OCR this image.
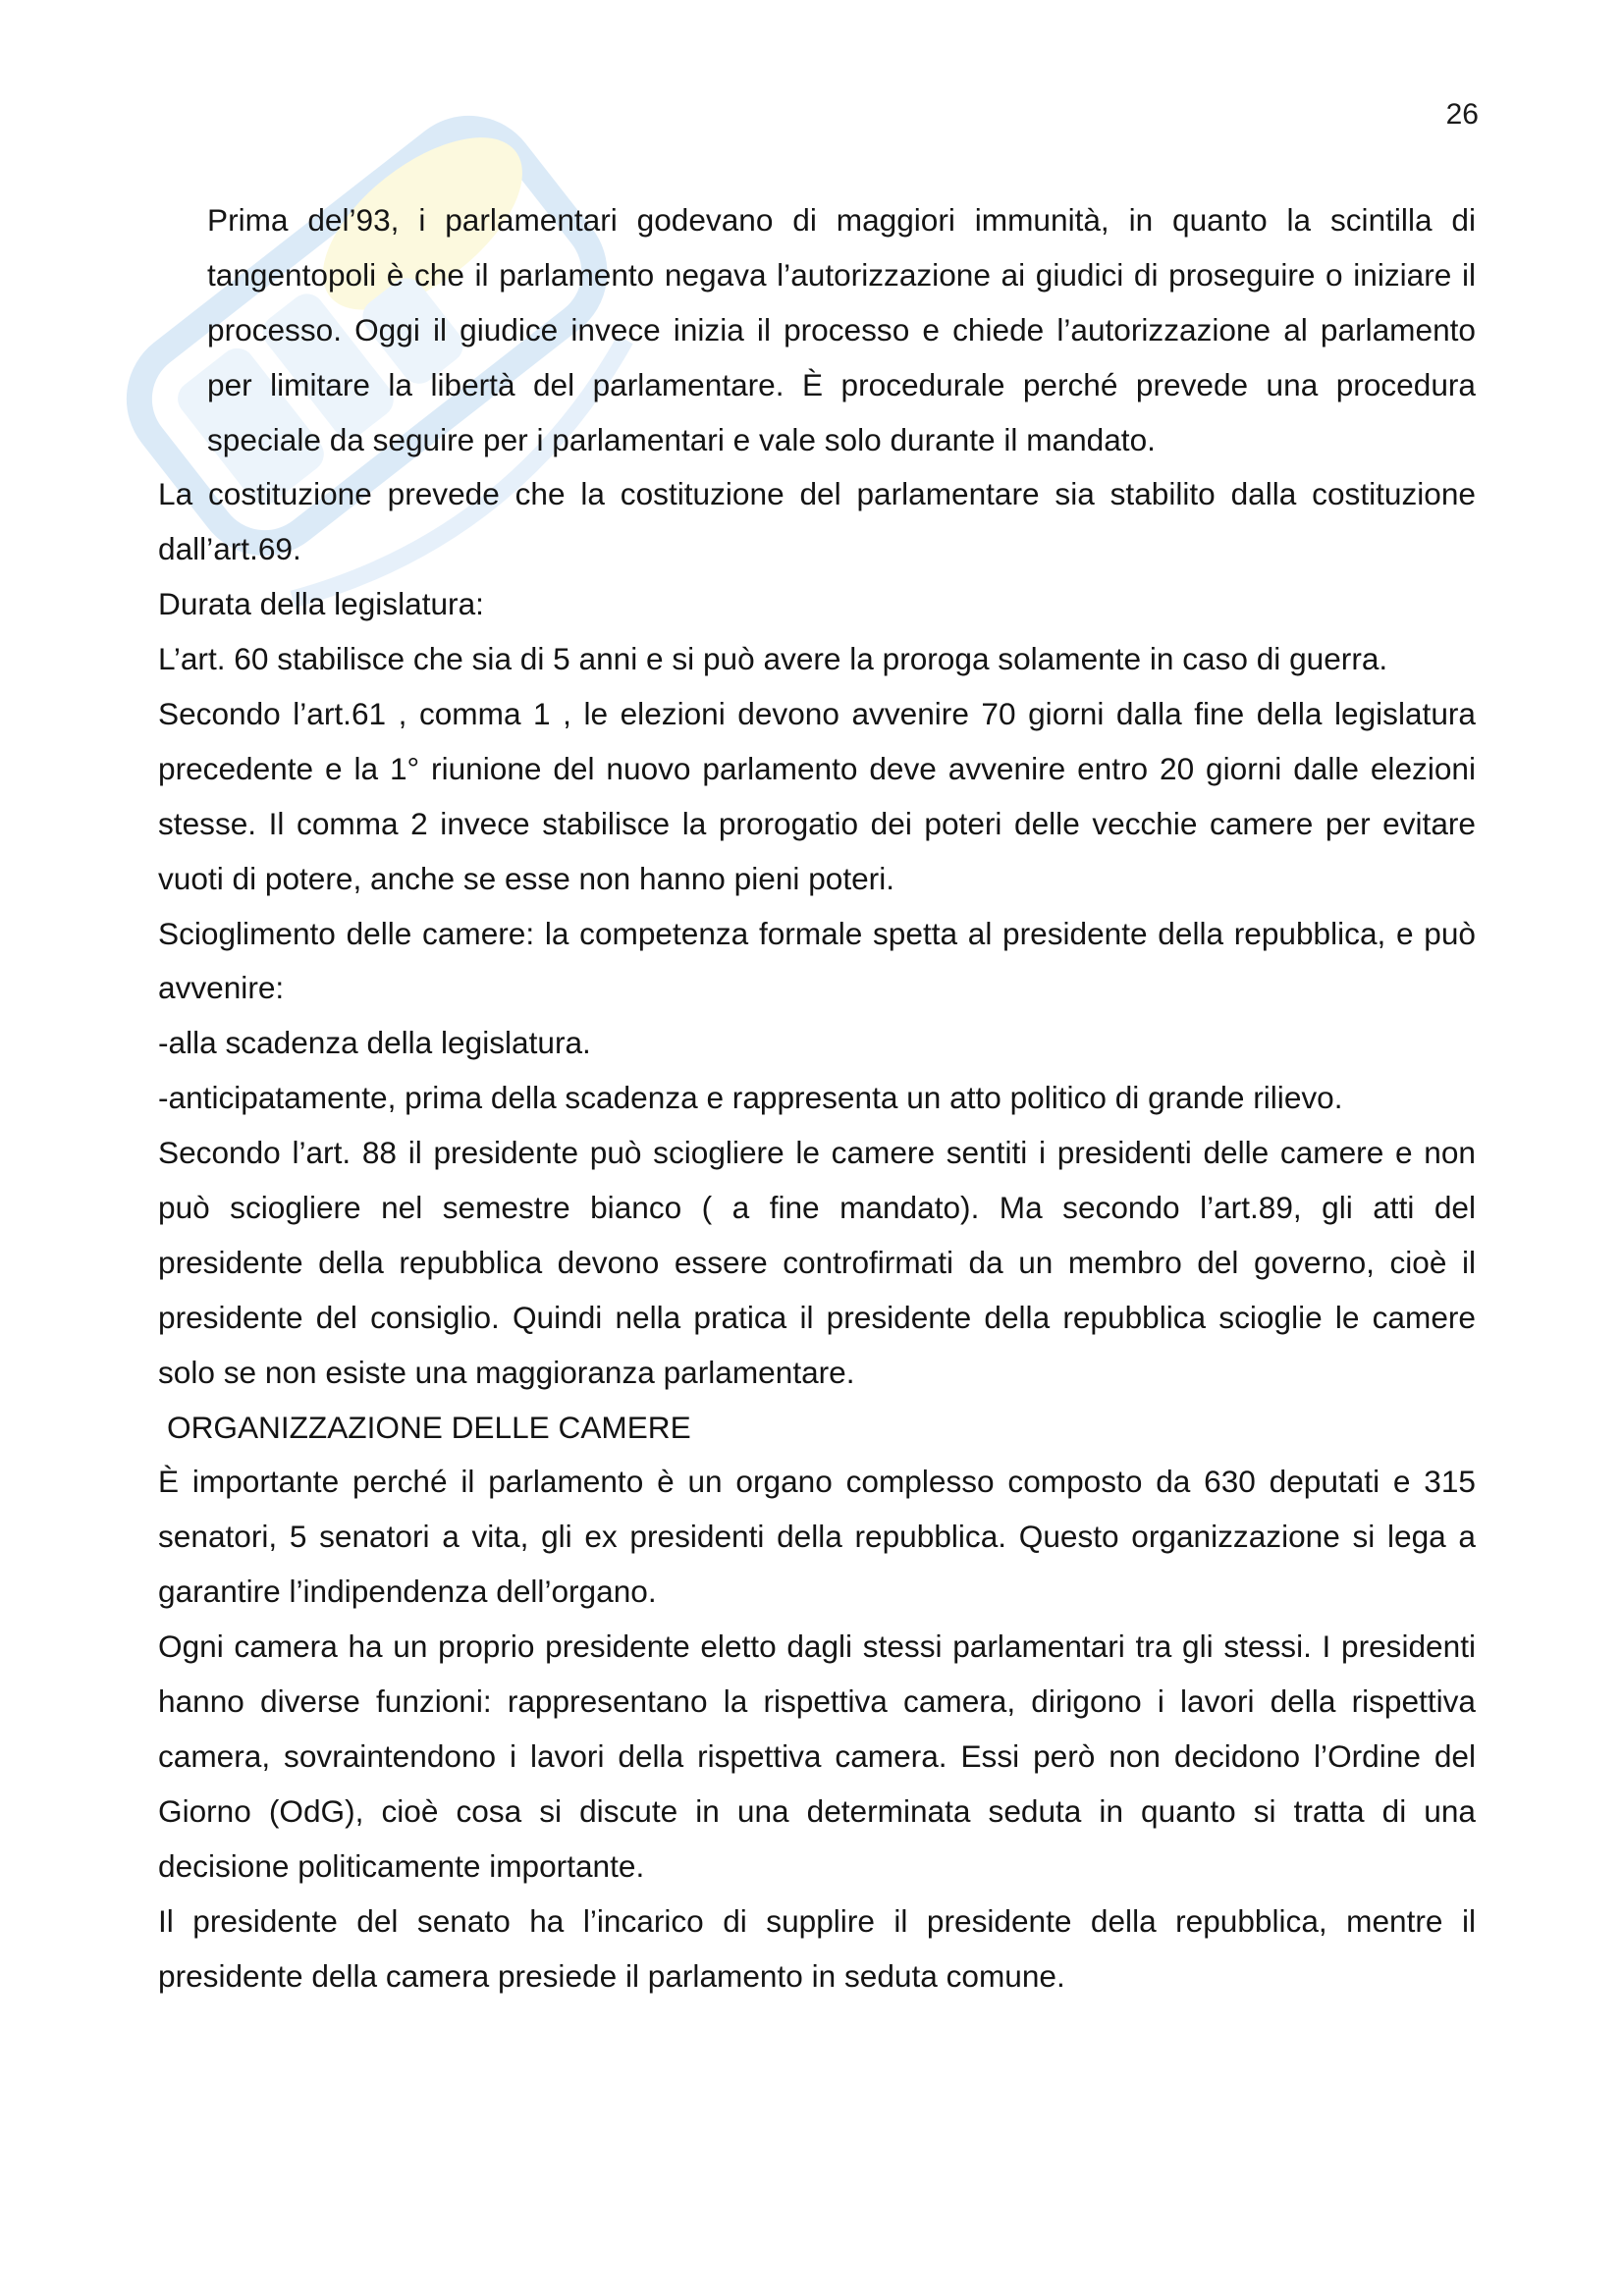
26
Prima del’93, i parlamentari godevano di maggiori immunità, in quanto la scintilla di
tangentopoli è che il parlamento negava l’autorizzazione ai giudici di proseguire o iniziare il
processo. Oggi il giudice invece inizia il processo e chiede l’autorizzazione al parlamento
per limitare la libertà del parlamentare. È procedurale perché prevede una procedura
speciale da seguire per i parlamentari e vale solo durante il mandato.
La costituzione prevede che la costituzione del parlamentare sia stabilito dalla costituzione
dall’art.69.
Durata della legislatura:
L’art. 60 stabilisce che sia di 5 anni e si può avere la proroga solamente in caso di guerra.
Secondo l’art.61 , comma 1 , le elezioni devono avvenire 70 giorni dalla fine della legislatura
precedente e la 1° riunione del nuovo parlamento deve avvenire entro 20 giorni dalle elezioni
stesse. Il comma 2 invece stabilisce la prorogatio dei poteri delle vecchie camere per evitare
vuoti di potere, anche se esse non hanno pieni poteri.
Scioglimento delle camere: la competenza formale spetta al presidente della repubblica, e può
avvenire:
-alla scadenza della legislatura.
-anticipatamente, prima della scadenza e rappresenta un atto politico di grande rilievo.
Secondo l’art. 88 il presidente può sciogliere le camere sentiti i presidenti delle camere e non
può sciogliere nel semestre bianco ( a fine mandato). Ma secondo l’art.89, gli atti del
presidente della repubblica devono essere controfirmati da un membro del governo, cioè il
presidente del consiglio. Quindi nella pratica il presidente della repubblica scioglie le camere
solo se non esiste una maggioranza parlamentare.
ORGANIZZAZIONE DELLE CAMERE
È importante perché il parlamento è un organo complesso composto da 630 deputati e 315
senatori, 5 senatori a vita, gli ex presidenti della repubblica. Questo organizzazione si lega a
garantire l’indipendenza dell’organo.
Ogni camera ha un proprio presidente eletto dagli stessi parlamentari tra gli stessi. I presidenti
hanno diverse funzioni: rappresentano la rispettiva camera, dirigono i lavori della rispettiva
camera, sovraintendono i lavori della rispettiva camera. Essi però non decidono l’Ordine del
Giorno (OdG), cioè cosa si discute in una determinata seduta in quanto si tratta di una
decisione politicamente importante.
Il presidente del senato ha l’incarico di supplire il presidente della repubblica, mentre il
presidente della camera presiede il parlamento in seduta comune.
